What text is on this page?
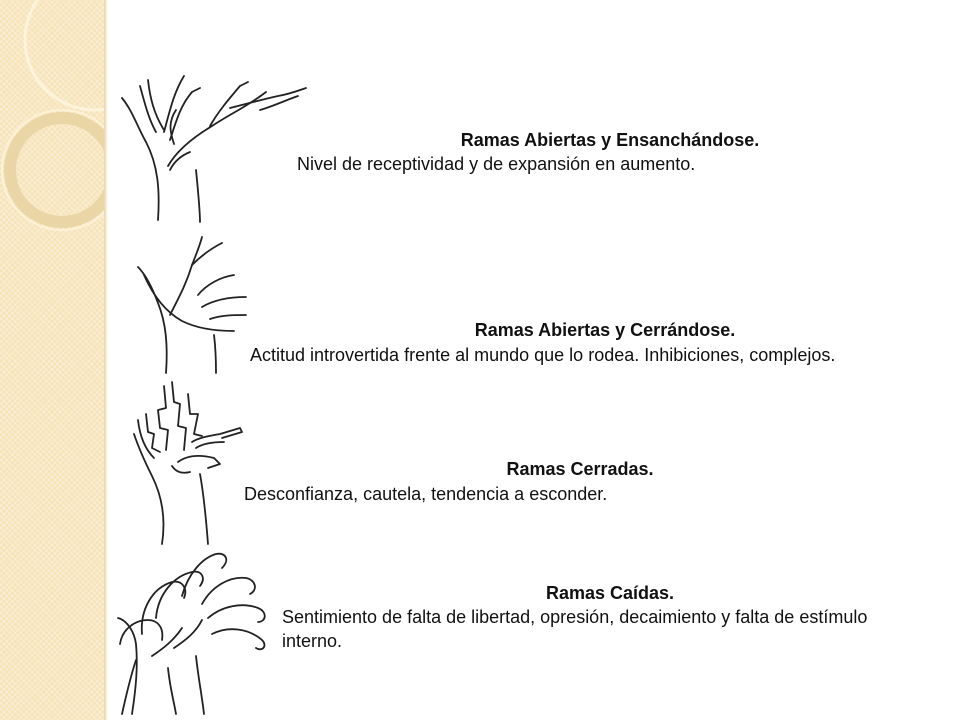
Ramas Abiertas y Ensanchándose.
Nivel de receptividad y de expansión en aumento.
Ramas Abiertas y Cerrándose.
Actitud introvertida frente al mundo que lo rodea. Inhibiciones, complejos.
Ramas Cerradas.
Desconfianza, cautela, tendencia a esconder.
Ramas Caídas.
Sentimiento de falta de libertad, opresión, decaimiento y falta de estímulo interno.
